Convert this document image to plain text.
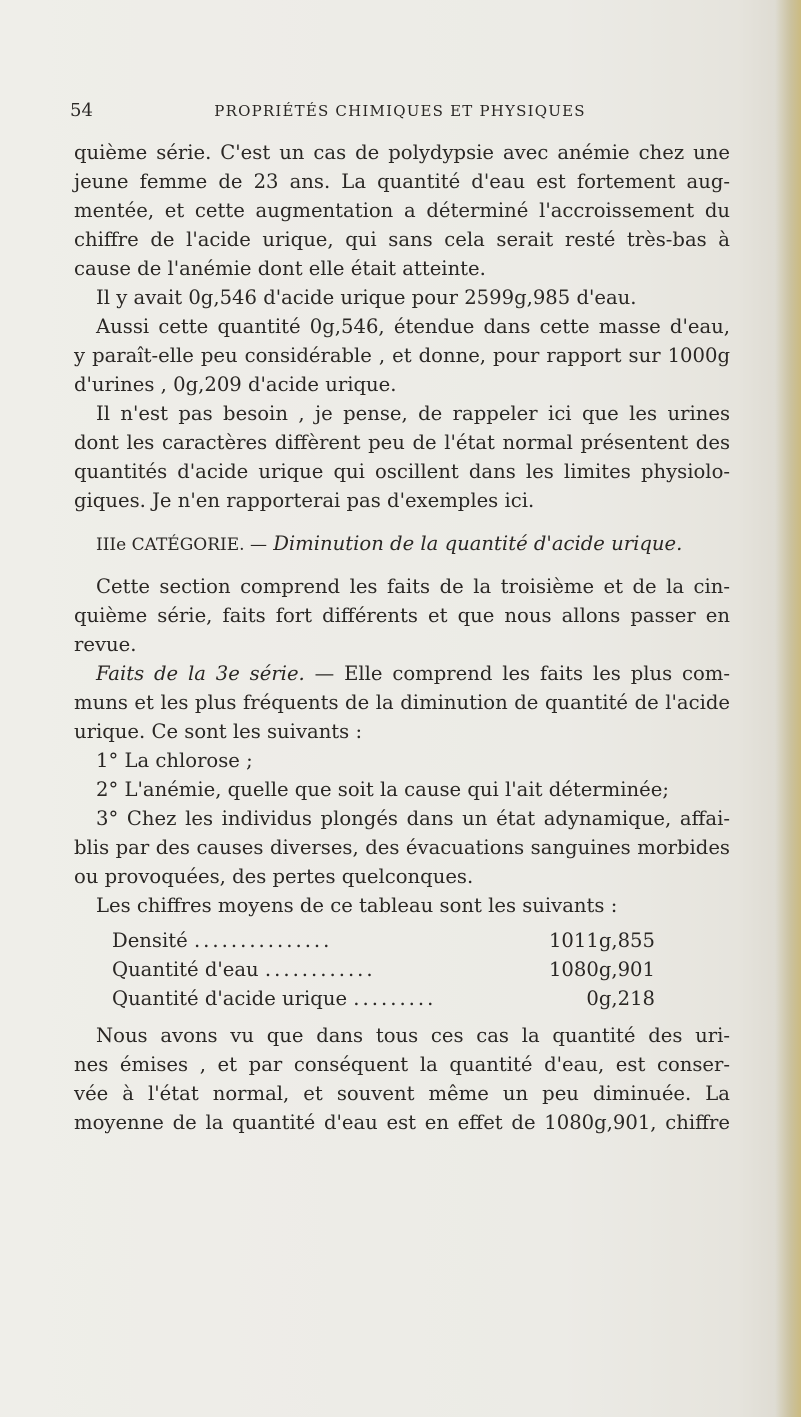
54	PROPRIÉTÉS CHIMIQUES ET PHYSIQUES
quième série. C'est un cas de polydypsie avec anémie chez une
jeune femme de 23 ans. La quantité d'eau est fortement aug-
mentée, et cette augmentation a déterminé l'accroissement du
chiffre de l'acide urique, qui sans cela serait resté très-bas à
cause de l'anémie dont elle était atteinte.
Il y avait 0g,546 d'acide urique pour 2599g,985 d'eau.
Aussi cette quantité 0g,546, étendue dans cette masse d'eau,
y paraît-elle peu considérable , et donne, pour rapport sur 1000g
d'urines , 0g,209 d'acide urique.
Il n'est pas besoin , je pense, de rappeler ici que les urines
dont les caractères diffèrent peu de l'état normal présentent des
quantités d'acide urique qui oscillent dans les limites physiolo-
giques. Je n'en rapporterai pas d'exemples ici.
IIIe CATÉGORIE. — Diminution de la quantité d'acide urique.
Cette section comprend les faits de la troisième et de la cin-
quième série, faits fort différents et que nous allons passer en
revue.
Faits de la 3e série. — Elle comprend les faits les plus com-
muns et les plus fréquents de la diminution de quantité de l'acide
urique. Ce sont les suivants :
1° La chlorose ;
2° L'anémie, quelle que soit la cause qui l'ait déterminée;
3° Chez les individus plongés dans un état adynamique, affai-
blis par des causes diverses, des évacuations sanguines morbides
ou provoquées, des pertes quelconques.
Les chiffres moyens de ce tableau sont les suivants :
Densité ...............	1011g,855
Quantité d'eau ............	1080g,901
Quantité d'acide urique .........	0g,218
Nous avons vu que dans tous ces cas la quantité des uri-
nes émises , et par conséquent la quantité d'eau, est conser-
vée à l'état normal, et souvent même un peu diminuée. La
moyenne de la quantité d'eau est en effet de 1080g,901, chiffre
